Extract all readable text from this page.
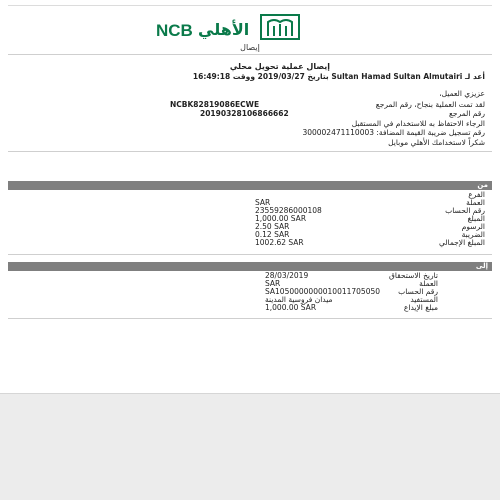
NCB الأهلي
إيصال
إيصال عملية تحويل محلي
أعد لـ Sultan Hamad Sultan Almutairi بتاريخ 2019/03/27 ووقت 16:49:18
عزيزي العميل،
لقد تمت العملية بنجاح، رقم المرجع
NCBK82819086ECWE
رقم المرجع
20190328106866662
الرجاء الاحتفاظ به للاستخدام في المستقبل
رقم تسجيل ضريبة القيمة المضافة: 300002471110003
شكراً لاستخدامك الأهلي موبايل
من
الفرع
SAR	العملة
23559286000108	رقم الحساب
1,000.00 SAR	المبلغ
2.50 SAR	الرسوم
0.12 SAR	الضريبة
1002.62 SAR	المبلغ الإجمالي
إلى
28/03/2019	تاريخ الاستحقاق
SAR	العملة
SA1050000000010011705050 رقم الحساب
ميدان فروسية المدينة	المستفيد
1,000.00 SAR	مبلغ الإيداع
